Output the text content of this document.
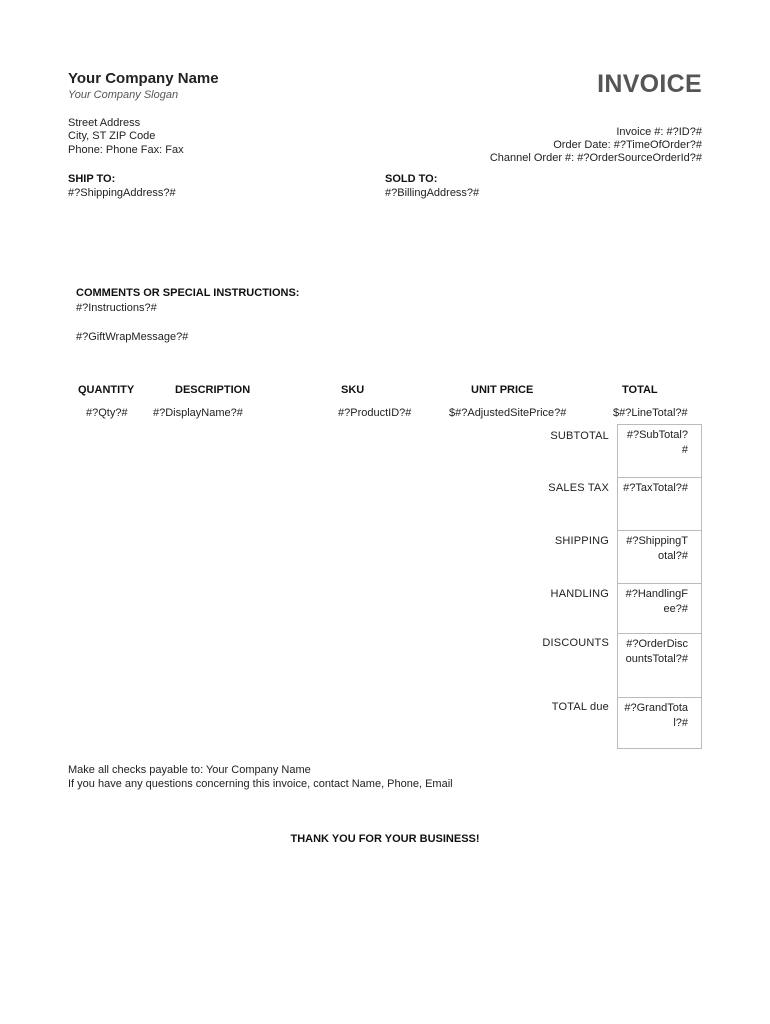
Your Company Name
Your Company Slogan	INVOICE
Street Address
City, ST ZIP Code
Phone: Phone Fax: Fax
Invoice #: #?ID?#
Order Date: #?TimeOfOrder?#
Channel Order #: #?OrderSourceOrderId?#
SHIP TO:
#?ShippingAddress?#
SOLD TO:
#?BillingAddress?#
COMMENTS OR SPECIAL INSTRUCTIONS:
#?Instructions?#
#?GiftWrapMessage?#
QUANTITY	DESCRIPTION	SKU	UNIT PRICE	TOTAL
#?Qty?# #?DisplayName?#	#?ProductID?#	$#?AdjustedSitePrice?#	$#?LineTotal?#
SUBTOTAL	#?SubTotal?#
SALES TAX	#?TaxTotal?#
SHIPPING	#?ShippingTotal?#
HANDLING	#?HandlingFee?#
DISCOUNTS	#?OrderDiscountsTotal?#
TOTAL due	#?GrandTotal?#
Make all checks payable to: Your Company Name
If you have any questions concerning this invoice, contact Name, Phone, Email
THANK YOU FOR YOUR BUSINESS!
